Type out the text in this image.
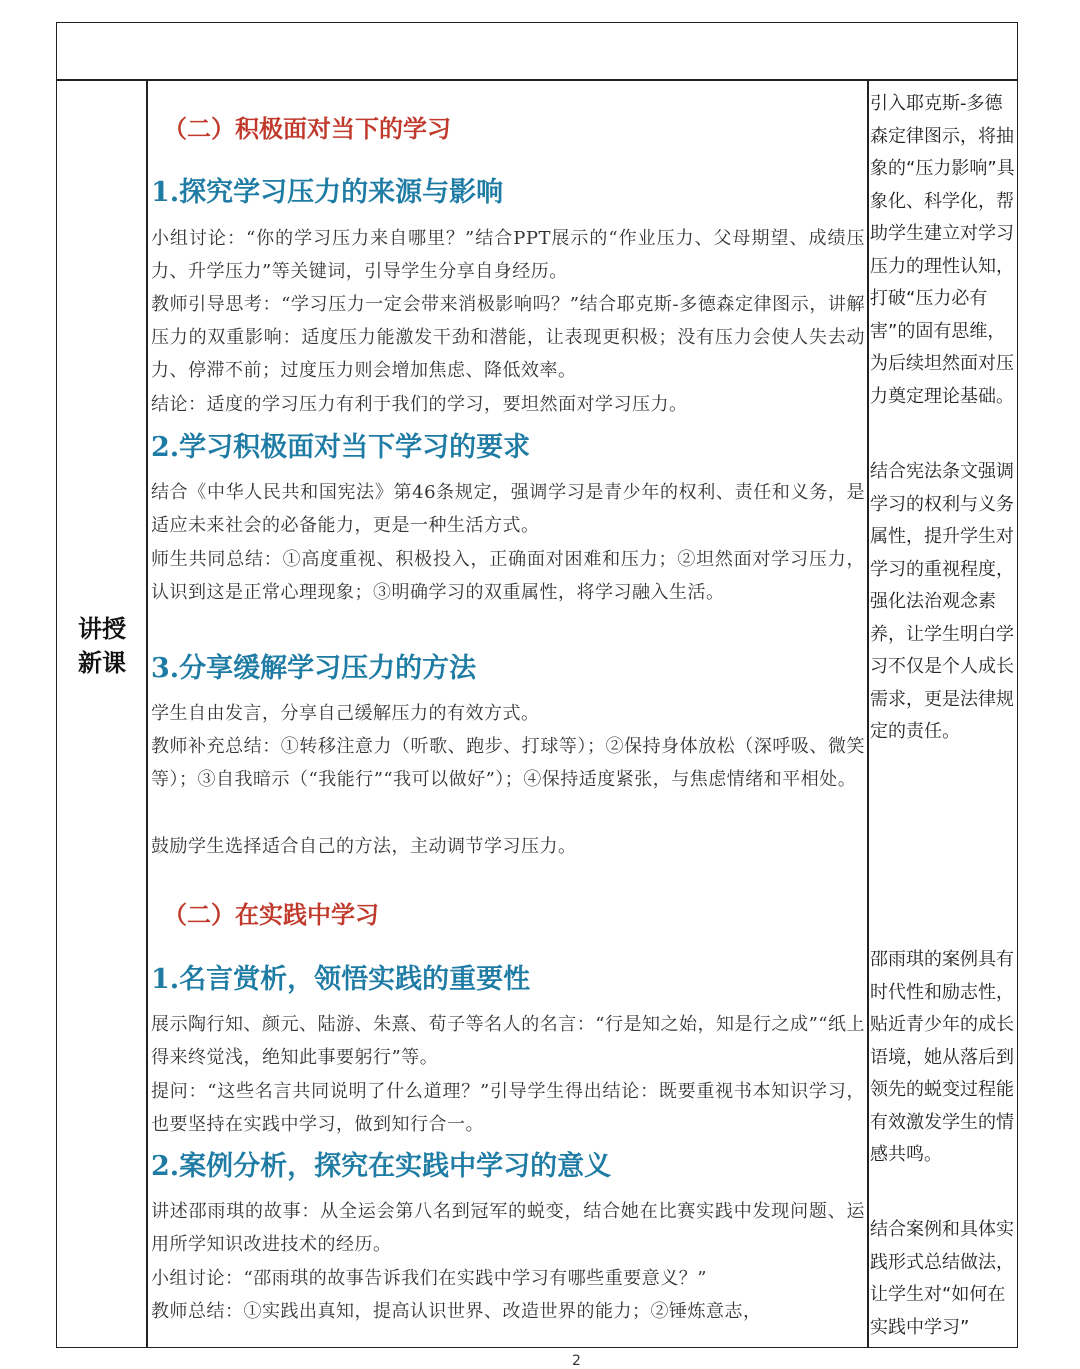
讲授
新课
（二）积极面对当下的学习
1.探究学习压力的来源与影响
小组讨论：“你的学习压力来自哪里？”结合PPT展示的“作业压力、父母期望、成绩压力、升学压力”等关键词，引导学生分享自身经历。
教师引导思考：“学习压力一定会带来消极影响吗？”结合耶克斯-多德森定律图示，讲解压力的双重影响：适度压力能激发干劲和潜能，让表现更积极；没有压力会使人失去动力、停滞不前；过度压力则会增加焦虑、降低效率。
结论：适度的学习压力有利于我们的学习，要坦然面对学习压力。
2.学习积极面对当下学习的要求
结合《中华人民共和国宪法》第46条规定，强调学习是青少年的权利、责任和义务，是适应未来社会的必备能力，更是一种生活方式。
师生共同总结：①高度重视、积极投入，正确面对困难和压力；②坦然面对学习压力，认识到这是正常心理现象；③明确学习的双重属性，将学习融入生活。
3.分享缓解学习压力的方法
学生自由发言，分享自己缓解压力的有效方式。
教师补充总结：①转移注意力（听歌、跑步、打球等）；②保持身体放松（深呼吸、微笑等）；③自我暗示（“我能行”“我可以做好”）；④保持适度紧张，与焦虑情绪和平相处。
鼓励学生选择适合自己的方法，主动调节学习压力。
（二）在实践中学习
1.名言赏析，领悟实践的重要性
展示陶行知、颜元、陆游、朱熹、荀子等名人的名言：“行是知之始，知是行之成”“纸上得来终觉浅，绝知此事要躬行”等。
提问：“这些名言共同说明了什么道理？”引导学生得出结论：既要重视书本知识学习，也要坚持在实践中学习，做到知行合一。
2.案例分析，探究在实践中学习的意义
讲述邵雨琪的故事：从全运会第八名到冠军的蜕变，结合她在比赛实践中发现问题、运用所学知识改进技术的经历。
小组讨论：“邵雨琪的故事告诉我们在实践中学习有哪些重要意义？”
教师总结：①实践出真知，提高认识世界、改造世界的能力；②锤炼意志，
引入耶克斯-多德森定律图示，将抽象的“压力影响”具象化、科学化，帮助学生建立对学习压力的理性认知，打破“压力必有害”的固有思维，为后续坦然面对压力奠定理论基础。
结合宪法条文强调学习的权利与义务属性，提升学生对学习的重视程度，强化法治观念素养，让学生明白学习不仅是个人成长需求，更是法律规定的责任。
邵雨琪的案例具有时代性和励志性，贴近青少年的成长语境，她从落后到领先的蜕变过程能有效激发学生的情感共鸣。
结合案例和具体实践形式总结做法，让学生对“如何在实践中学习”
2
